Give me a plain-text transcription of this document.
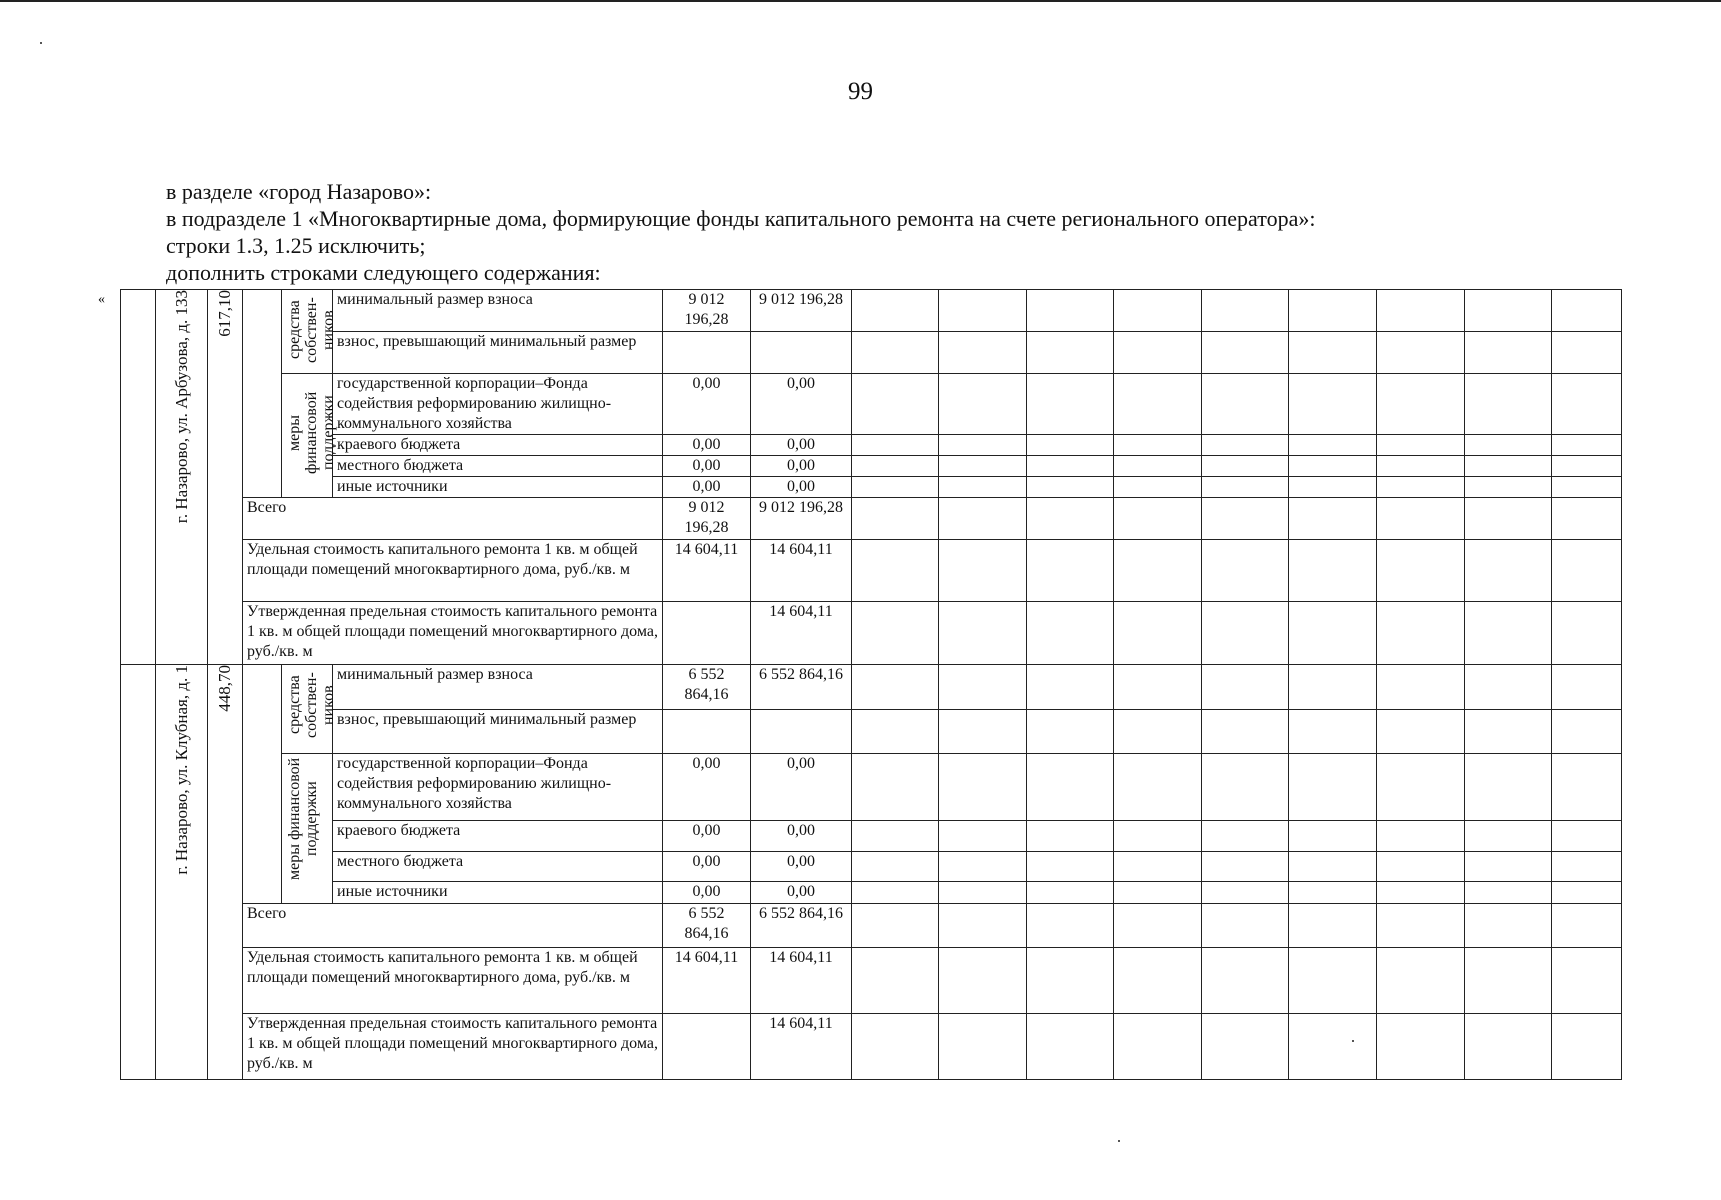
99
в разделе «город Назарово»:
в подразделе 1 «Многоквартирные дома, формирующие фонды капитального ремонта на счете регионального оператора»:
строки 1.3, 1.25 исключить;
дополнить строками следующего содержания:
«

	г. Назарово, ул. Арбузова, д. 133	617,10		средства собствен- ников	минимальный размер взноса	9 012 196,28	9 012 196,28									
					взнос, превышающий минимальный размер											

				меры финансовой поддержки	государственной корпорации–Фонда содействия реформированию жилищно-коммунального хозяйства	0,00	0,00									
					краевого бюджета	0,00	0,00									
					местного бюджета	0,00	0,00									
					иные источники	0,00	0,00									
			Всего			9 012 196,28	9 012 196,28									
			Удельная стоимость капитального ремонта 1 кв. м общей площади помещений многоквартирного дома, руб./кв. м			14 604,11	14 604,11									
			Утвержденная предельная стоимость капитального ремонта 1 кв. м общей площади помещений многоквартирного дома, руб./кв. м				14 604,11									

	г. Назарово, ул. Клубная, д. 1	448,70		средства собствен- ников	минимальный размер взноса	6 552 864,16	6 552 864,16									
					взнос, превышающий минимальный размер											

				меры финансовой поддержки	государственной корпорации–Фонда содействия реформированию жилищно-коммунального хозяйства	0,00	0,00									
					краевого бюджета	0,00	0,00									
					местного бюджета	0,00	0,00									
					иные источники	0,00	0,00									
			Всего			6 552 864,16	6 552 864,16									
			Удельная стоимость капитального ремонта 1 кв. м общей площади помещений многоквартирного дома, руб./кв. м			14 604,11	14 604,11									
			Утвержденная предельная стоимость капитального ремонта 1 кв. м общей площади помещений многоквартирного дома, руб./кв. м				14 604,11									
